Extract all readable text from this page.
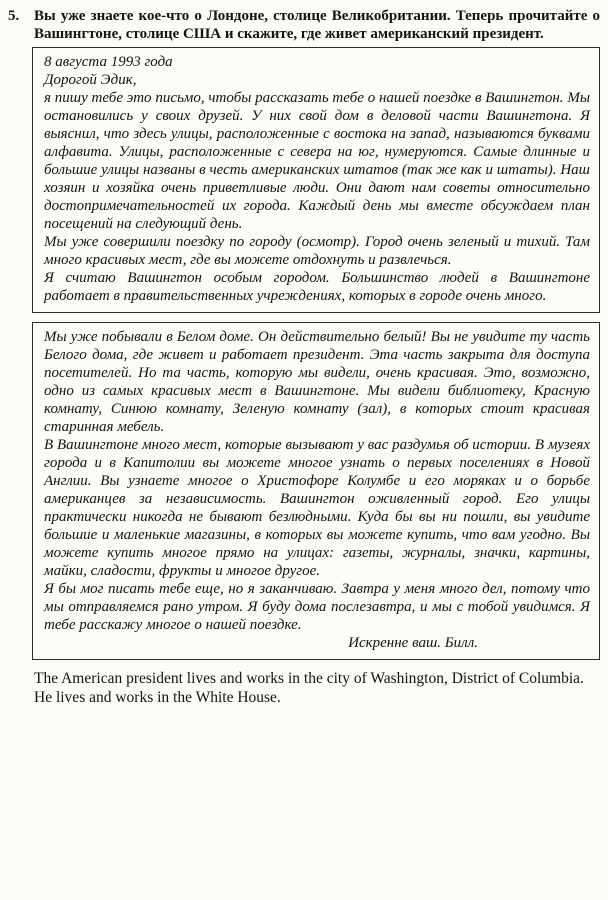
5. Вы уже знаете кое-что о Лондоне, столице Великобритании. Теперь прочитайте о Вашингтоне, столице США и скажите, где живет американский президент.

8 августа 1993 года

Дорогой Эдик,

я пишу тебе это письмо, чтобы рассказать тебе о нашей поездке в Вашингтон. Мы остановились у своих друзей. У них свой дом в деловой части Вашингтона. Я выяснил, что здесь улицы, расположенные с востока на запад, называются буквами алфавита. Улицы, расположенные с севера на юг, нумеруются. Самые длинные и большие улицы названы в честь американских штатов (так же как и штаты). Наш хозяин и хозяйка очень приветливые люди. Они дают нам советы относительно достопримечательностей их города. Каждый день мы вместе обсуждаем план посещений на следующий день.

Мы уже совершили поездку по городу (осмотр). Город очень зеленый и тихий. Там много красивых мест, где вы можете отдохнуть и развлечься.

Я считаю Вашингтон особым городом. Большинство людей в Вашингтоне работает в правительственных учреждениях, которых в городе очень много.

Мы уже побывали в Белом доме. Он действительно белый! Вы не увидите ту часть Белого дома, где живет и работает президент. Эта часть закрыта для доступа посетителей. Но та часть, которую мы видели, очень красивая. Это, возможно, одно из самых красивых мест в Вашингтоне. Мы видели библиотеку, Красную комнату, Синюю комнату, Зеленую комнату (зал), в которых стоит красивая старинная мебель.

В Вашингтоне много мест, которые вызывают у вас раздумья об истории. В музеях города и в Капитолии вы можете многое узнать о первых поселениях в Новой Англии. Вы узнаете многое о Христофоре Колумбе и его моряках и о борьбе американцев за независимость. Вашингтон оживленный город. Его улицы практически никогда не бывают безлюдными. Куда бы вы ни пошли, вы увидите большие и маленькие магазины, в которых вы можете купить, что вам угодно. Вы можете купить многое прямо на улицах: газеты, журналы, значки, картины, майки, сладости, фрукты и многое другое.

Я бы мог писать тебе еще, но я заканчиваю. Завтра у меня много дел, потому что мы отправляемся рано утром. Я буду дома послезавтра, и мы с тобой увидимся. Я тебе расскажу многое о нашей поездке.

Искренне ваш. Билл.

The American president lives and works in the city of Washington, District of Columbia. He lives and works in the White House.
